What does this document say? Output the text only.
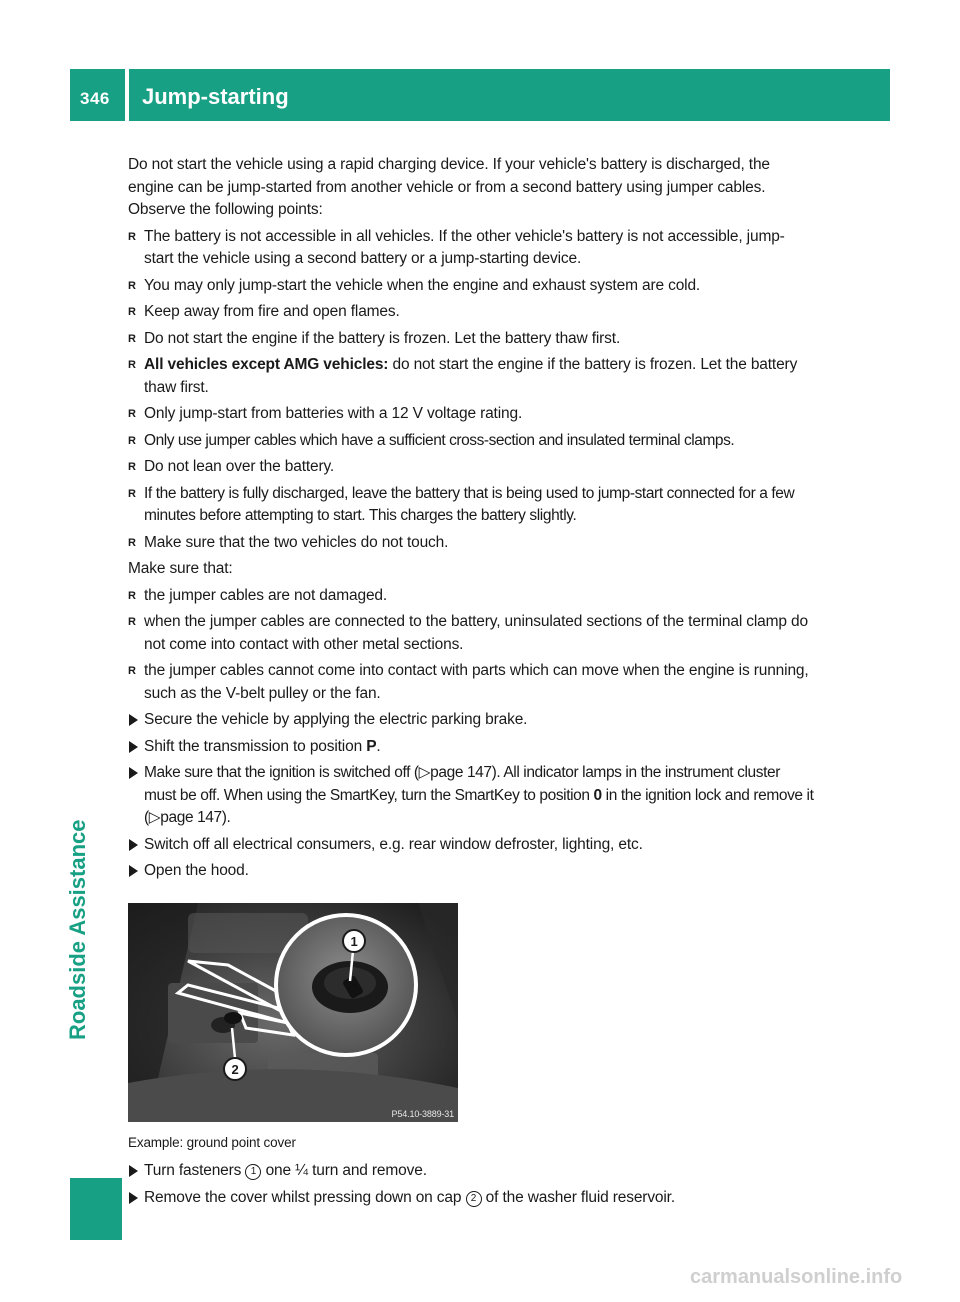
346 Jump-starting
Roadside Assistance

Do not start the vehicle using a rapid charging device. If your vehicle's battery is discharged, the engine can be jump-started from another vehicle or from a second battery using jumper cables. Observe the following points:

R The battery is not accessible in all vehicles. If the other vehicle's battery is not accessible, jump-start the vehicle using a second battery or a jump-starting device.
R You may only jump-start the vehicle when the engine and exhaust system are cold.
R Keep away from fire and open flames.
R Do not start the engine if the battery is frozen. Let the battery thaw first.
R All vehicles except AMG vehicles: do not start the engine if the battery is frozen. Let the battery thaw first.
R Only jump-start from batteries with a 12 V voltage rating.
R Only use jumper cables which have a sufficient cross-section and insulated terminal clamps.
R Do not lean over the battery.
R If the battery is fully discharged, leave the battery that is being used to jump-start connected for a few minutes before attempting to start. This charges the battery slightly.
R Make sure that the two vehicles do not touch.

Make sure that:

R the jumper cables are not damaged.
R when the jumper cables are connected to the battery, uninsulated sections of the terminal clamp do not come into contact with other metal sections.
R the jumper cables cannot come into contact with parts which can move when the engine is running, such as the V-belt pulley or the fan.
Secure the vehicle by applying the electric parking brake.
Shift the transmission to position P.
Make sure that the ignition is switched off (▷page 147). All indicator lamps in the instrument cluster must be off. When using the SmartKey, turn the SmartKey to position 0 in the ignition lock and remove it (▷page 147).
Switch off all electrical consumers, e.g. rear window defroster, lighting, etc.
Open the hood.
1
2
P54.10-3889-31

Example: ground point cover

Turn fasteners 1 one ¼ turn and remove.
Remove the cover whilst pressing down on cap 2 of the washer fluid reservoir.
carmanualsonline.info
